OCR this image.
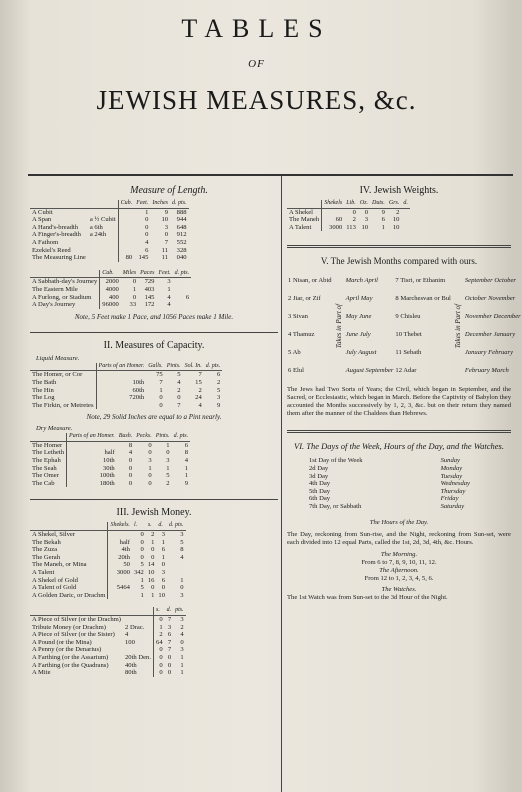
TABLES
OF
JEWISH MEASURES, &c.
Measure of Length.
		Cub.	Feet.	Inches	d. pts.
A Cubit			1	9	888
A Span	a ½ Cubit		0	10	944
A Hand's-breadth	a 6th		0	3	648
A Finger's-breadth	a 24th		0	0	912
A Fathom			4	7	552
Ezekiel's Reed			6	11	328
The Measuring Line		80	145	11	040
	Cub.	Miles	Paces	Feet.	d. pts.
A Sabbath-day's Journey	2000	0	729	3	
The Eastern Mile	4000	1	403	1	
A Furlong, or Stadium	400	0	145	4	6
A Day's Journey	96000	33	172	4	
Note, 5 Feet make 1 Pace, and 1056 Paces make 1 Mile.
II. Measures of Capacity.
Liquid Measure.
	Parts of an Homer.	Galls.	Pints.	Sol. In.	d. pts.
The Homer, or Cor		75	5	7	6
The Bath	10th	7	4	15	2
The Hin	60th	1	2	2	5
The Log	720th	0	0	24	3
The Firkin, or Metretes		0	7	4	9
Note, 29 Solid Inches are equal to a Pint nearly.
Dry Measure.
	Parts of an Homer.	Bush.	Pecks.	Pints.	d. pts.
The Homer		8	0	1	6
The Letheth	half	4	0	0	8
The Ephah	10th	0	3	3	4
The Seah	30th	0	1	1	1
The Omer	100th	0	0	5	1
The Cab	180th	0	0	2	9
III. Jewish Money.
	Shekels.	l.	s.	d.	d. pts.
A Shekel, Silver		0	2	3	3
The Bekah	half	0	1	1	5
The Zuza	4th	0	0	6	8
The Gerah	20th	0	0	1	4
The Maneh, or Mina	50	5	14	0	
A Talent	3000	342	10	3	
A Shekel of Gold		1	16	6	1
A Talent of Gold	5464	5	0	0	0
A Golden Daric, or Drachm		1	1	10	3
		s.	d.	pts.
A Piece of Silver (or the Drachm)		0	7	3
Tribute Money (or Drachm)	2 Drac.	1	3	2
A Piece of Silver (or the Sister)	4	2	6	4
A Pound (or the Mina)	100	64	7	0
A Penny (or the Denarius)		0	7	3
A Farthing (or the Assarium)	20th Den.	0	0	1
A Farthing (or the Quadrans)	40th	0	0	1
A Mite	80th	0	0	1
IV. Jewish Weights.
	Shekels	Lib.	Oz.	Duts.	Grs.	d.
A Shekel		0	0	9	2	
The Maneh	60	2	3	6	10	
A Talent	3000	113	10	1	10	
V. The Jewish Months compared with ours.
1 Nisan, or Abid	Takes in Part of	March April	7 Tisri, or Ethanim	Takes in Part of	September October
2 Jiar, or Zif		April May	8 Marchesvan or Bul		October November
3 Sivan		May June	9 Chisleu		November December
4 Thamuz		June July	10 Thebet		December January
5 Ab		July August	11 Sebath		January February
6 Elul		August September	12 Adar		February March
The Jews had Two Sorts of Years; the Civil, which began in September, and the Sacred, or Ecclesiastic, which began in March. Before the Captivity of Babylon they accounted the Months successively by 1, 2, 3, &c. but on their return they named them after the manner of the Chaldees than Hebrews.
VI. The Days of the Week, Hours of the Day, and the Watches.
1st Day of the Week		Sunday
2d Day		Monday
3d Day		Tuesday
4th Day		Wednesday
5th Day		Thursday
6th Day		Friday
7th Day, or Sabbath		Saturday
The Hours of the Day.
The Day, reckoning from Sun-rise, and the Night, reckoning from Sun-set, were each divided into 12 equal Parts, called the 1st, 2d, 3d, 4th, &c. Hours.
The Morning.
From 6 to 7, 8, 9, 10, 11, 12.
The Afternoon.
From 12 to 1, 2, 3, 4, 5, 6.
The Watches.
The 1st Watch was from Sun-set to the 3d Hour of the Night.
